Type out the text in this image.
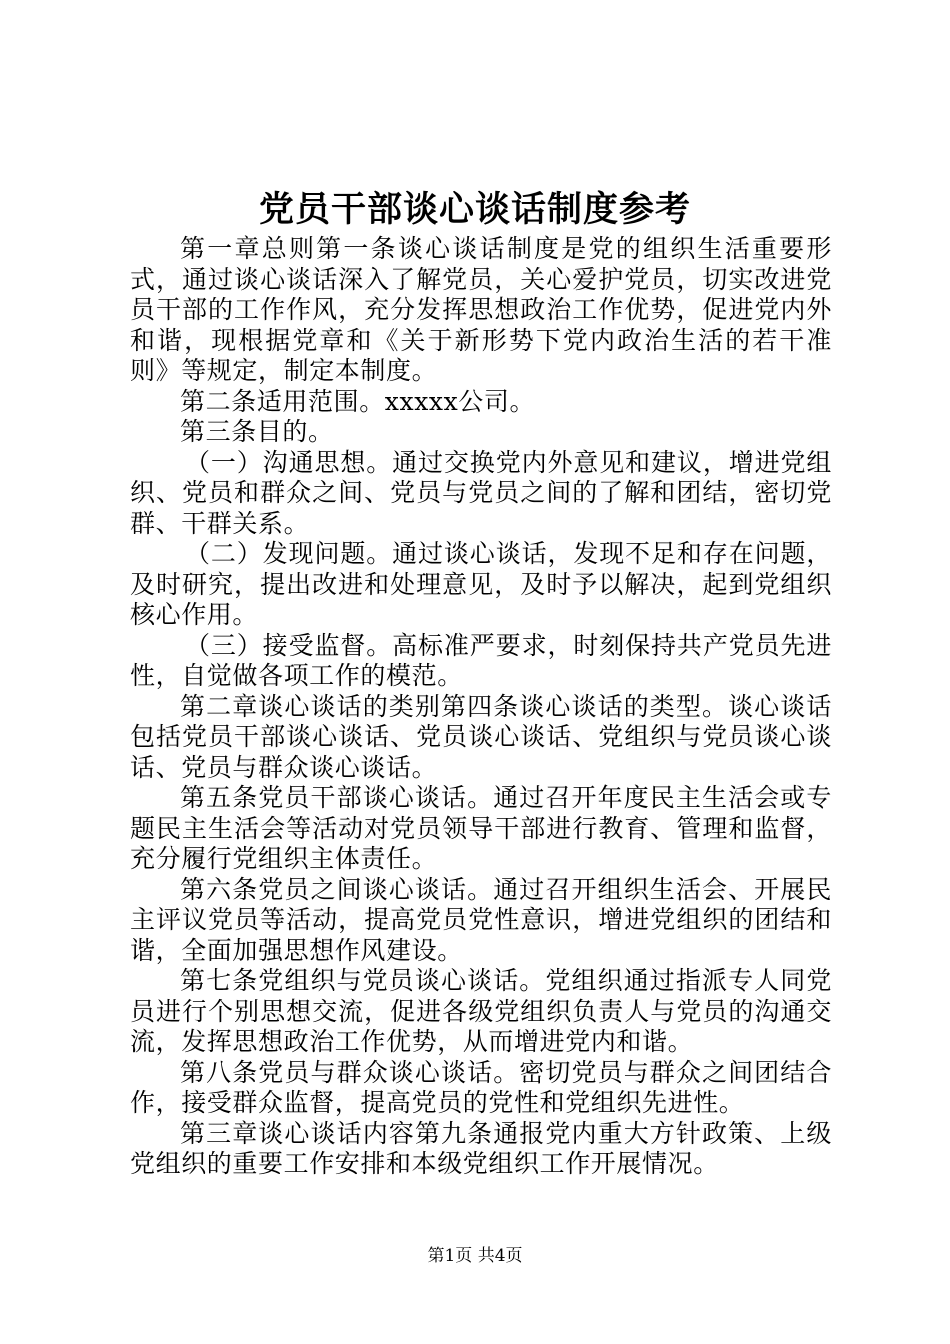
党员干部谈心谈话制度参考

第一章总则第一条谈心谈话制度是党的组织生活重要形式，通过谈心谈话深入了解党员，关心爱护党员，切实改进党员干部的工作作风，充分发挥思想政治工作优势，促进党内外和谐，现根据党章和《关于新形势下党内政治生活的若干准则》等规定，制定本制度。

第二条适用范围。xxxxx公司。

第三条目的。

（一）沟通思想。通过交换党内外意见和建议，增进党组织、党员和群众之间、党员与党员之间的了解和团结，密切党群、干群关系。

（二）发现问题。通过谈心谈话，发现不足和存在问题，及时研究，提出改进和处理意见，及时予以解决，起到党组织核心作用。

（三）接受监督。高标准严要求，时刻保持共产党员先进性，自觉做各项工作的模范。

第二章谈心谈话的类别第四条谈心谈话的类型。谈心谈话包括党员干部谈心谈话、党员谈心谈话、党组织与党员谈心谈话、党员与群众谈心谈话。

第五条党员干部谈心谈话。通过召开年度民主生活会或专题民主生活会等活动对党员领导干部进行教育、管理和监督，充分履行党组织主体责任。

第六条党员之间谈心谈话。通过召开组织生活会、开展民主评议党员等活动，提高党员党性意识，增进党组织的团结和谐，全面加强思想作风建设。

第七条党组织与党员谈心谈话。党组织通过指派专人同党员进行个别思想交流，促进各级党组织负责人与党员的沟通交流，发挥思想政治工作优势，从而增进党内和谐。

第八条党员与群众谈心谈话。密切党员与群众之间团结合作，接受群众监督，提高党员的党性和党组织先进性。

第三章谈心谈话内容第九条通报党内重大方针政策、上级党组织的重要工作安排和本级党组织工作开展情况。

第1页 共4页
